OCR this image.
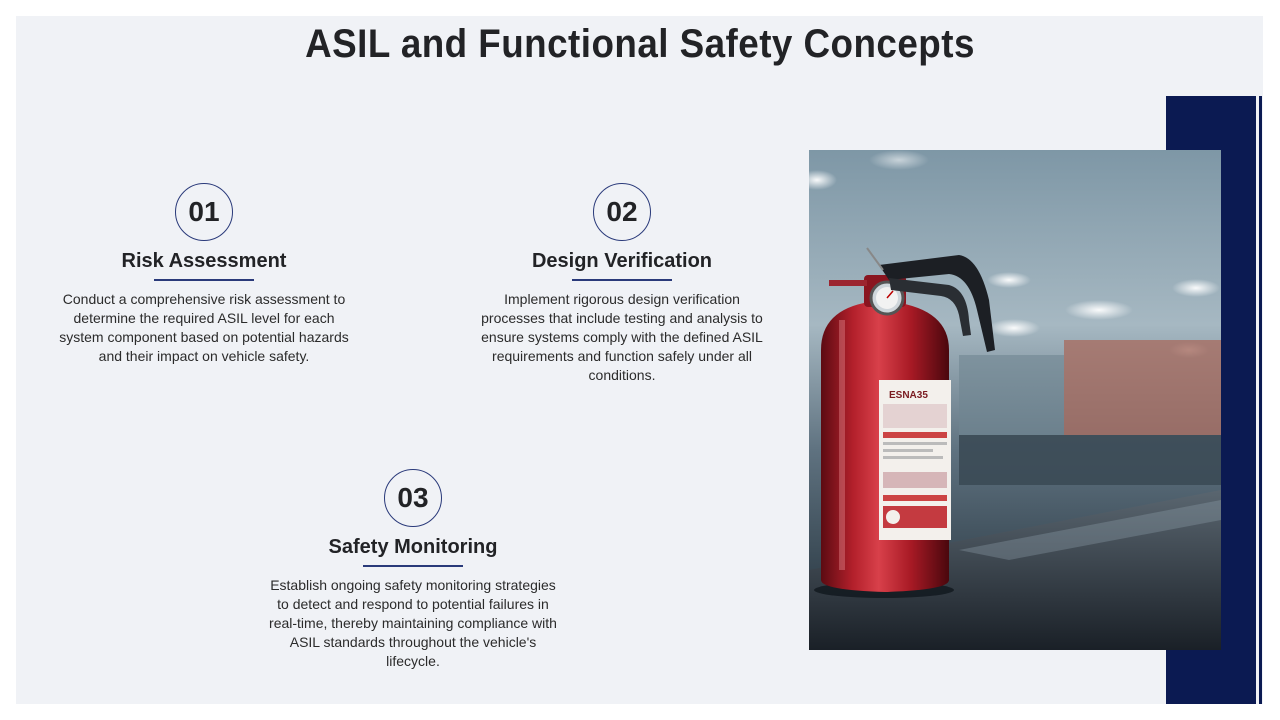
ASIL and Functional Safety Concepts
ESNA35
01
Risk Assessment
Conduct a comprehensive risk assessment to determine the required ASIL level for each system component based on potential hazards and their impact on vehicle safety.
02
Design Verification
Implement rigorous design verification processes that include testing and analysis to ensure systems comply with the defined ASIL requirements and function safely under all conditions.
03
Safety Monitoring
Establish ongoing safety monitoring strategies to detect and respond to potential failures in real-time, thereby maintaining compliance with ASIL standards throughout the vehicle's lifecycle.
